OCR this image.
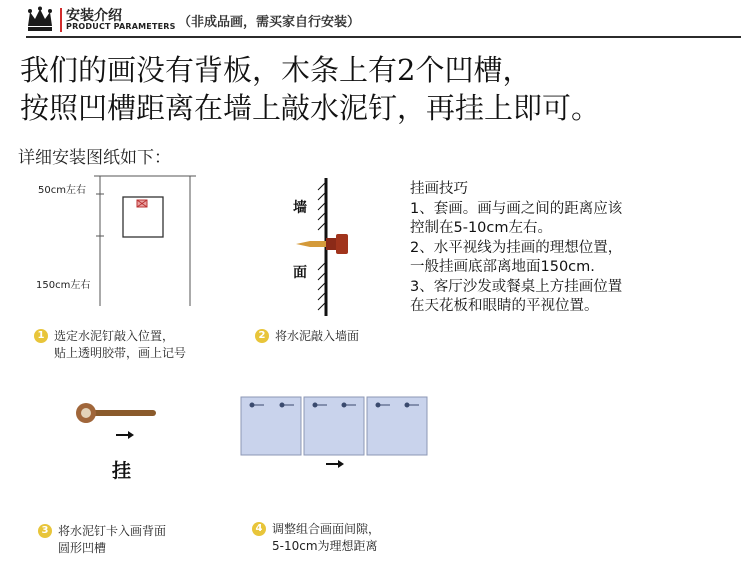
安装介绍
PRODUCT PARAMETERS （非成品画，需买家自行安装）
我们的画没有背板，木条上有2个凹槽，
按照凹槽距离在墙上敲水泥钉，再挂上即可。
详细安装图纸如下：
50cm左右
150cm左右
墙
面
挂画技巧
1、套画。画与画之间的距离应该
控制在5-10cm左右。
2、水平视线为挂画的理想位置，
一般挂画底部离地面150cm.
3、客厅沙发或餐桌上方挂画位置
在天花板和眼睛的平视位置。
1 选定水泥钉敲入位置，
贴上透明胶带，画上记号
2 将水泥敲入墙面
挂
3 将水泥钉卡入画背面
圆形凹槽
4 调整组合画面间隙，
5-10cm为理想距离
